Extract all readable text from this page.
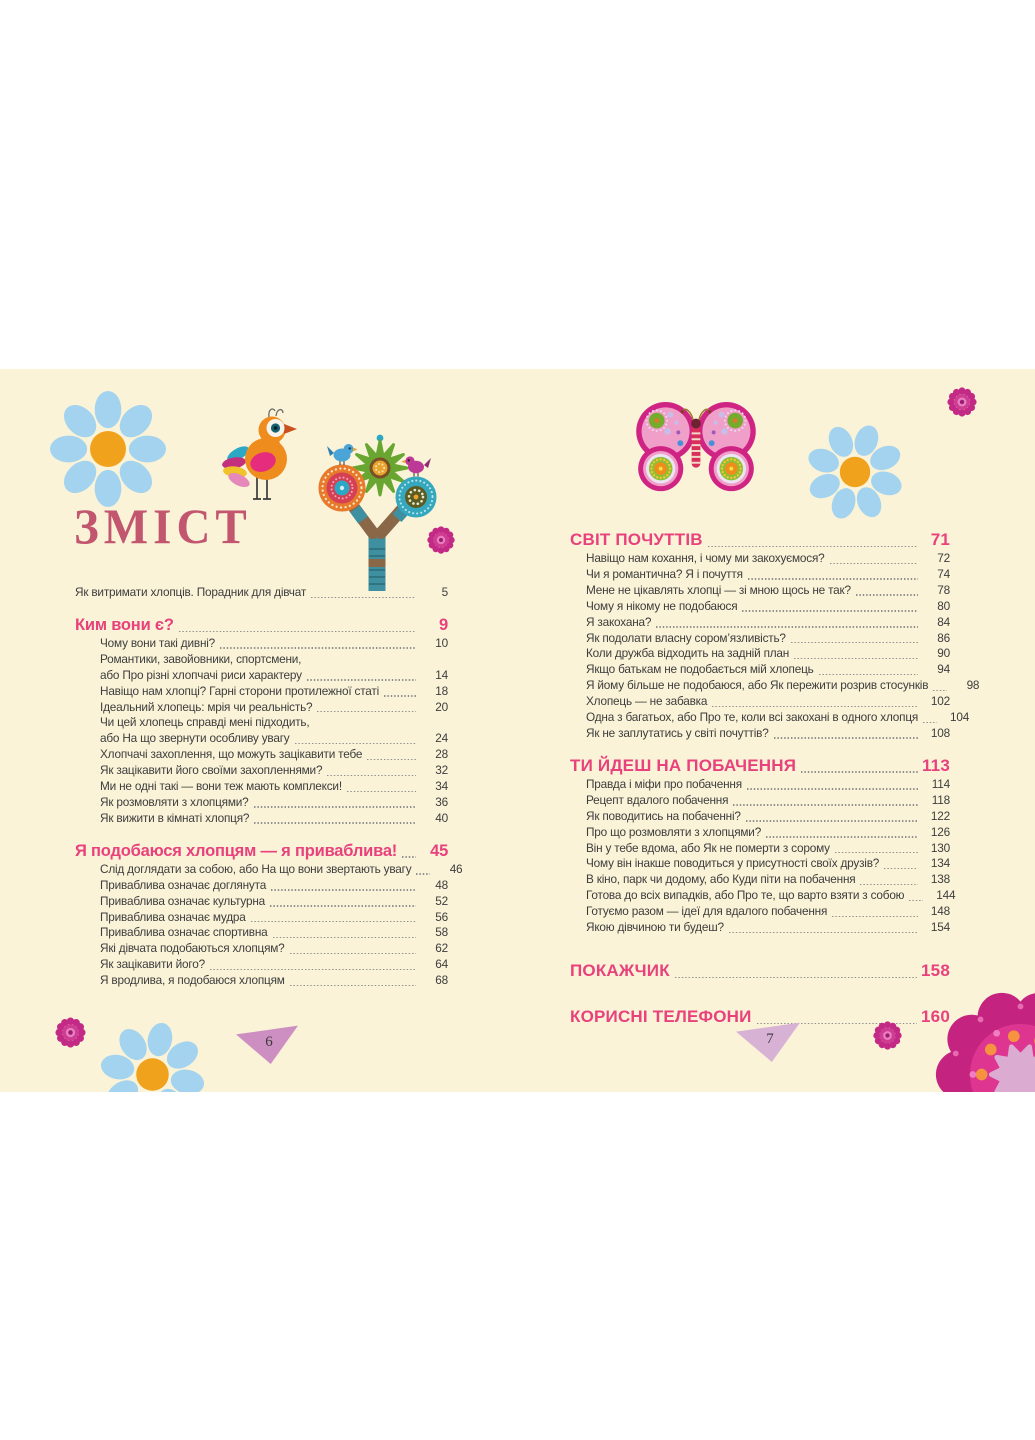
ЗМІСТ
Як витримати хлопців. Порадник для дівчат	5
Ким вони є?	9
Чому вони такі дивні?	10
Романтики, завойовники, спортсмени,
або Про різні хлопчачі риси характеру	14
Навіщо нам хлопці? Гарні сторони протилежної статі	18
Ідеальний хлопець: мрія чи реальність?	20
Чи цей хлопець справді мені підходить,
або На що звернути особливу увагу	24
Хлопчачі захоплення, що можуть зацікавити тебе	28
Як зацікавити його своїми захопленнями?	32
Ми не одні такі — вони теж мають комплекси!	34
Як розмовляти з хлопцями?	36
Як вижити в кімнаті хлопця?	40
Я подобаюся хлопцям — я приваблива!	45
Слід доглядати за собою, або На що вони звертають увагу	46
Приваблива означає доглянута	48
Приваблива означає культурна	52
Приваблива означає мудра	56
Приваблива означає спортивна	58
Які дівчата подобаються хлопцям?	62
Як зацікавити його?	64
Я вродлива, я подобаюся хлопцям	68
СВІТ ПОЧУТТІВ	71
Навіщо нам кохання, і чому ми закохуємося?	72
Чи я романтична? Я і почуття	74
Мене не цікавлять хлопці — зі мною щось не так?	78
Чому я нікому не подобаюся	80
Я закохана?	84
Як подолати власну сором’язливість?	86
Коли дружба відходить на задній план	90
Якщо батькам не подобається мій хлопець	94
Я йому більше не подобаюся, або Як пережити розрив стосунків	98
Хлопець — не забавка	102
Одна з багатьох, або Про те, коли всі закохані в одного хлопця	104
Як не заплутатись у світі почуттів?	108
ТИ ЙДЕШ НА ПОБАЧЕННЯ	113
Правда і міфи про побачення	114
Рецепт вдалого побачення	118
Як поводитись на побаченні?	122
Про що розмовляти з хлопцями?	126
Він у тебе вдома, або Як не померти з сорому	130
Чому він інакше поводиться у присутності своїх друзів?	134
В кіно, парк чи додому, або Куди піти на побачення	138
Готова до всіх випадків, або Про те, що варто взяти з собою	144
Готуємо разом — ідеї для вдалого побачення	148
Якою дівчиною ти будеш?	154
ПОКАЖЧИК	158
КОРИСНІ ТЕЛЕФОНИ	160
6	7
